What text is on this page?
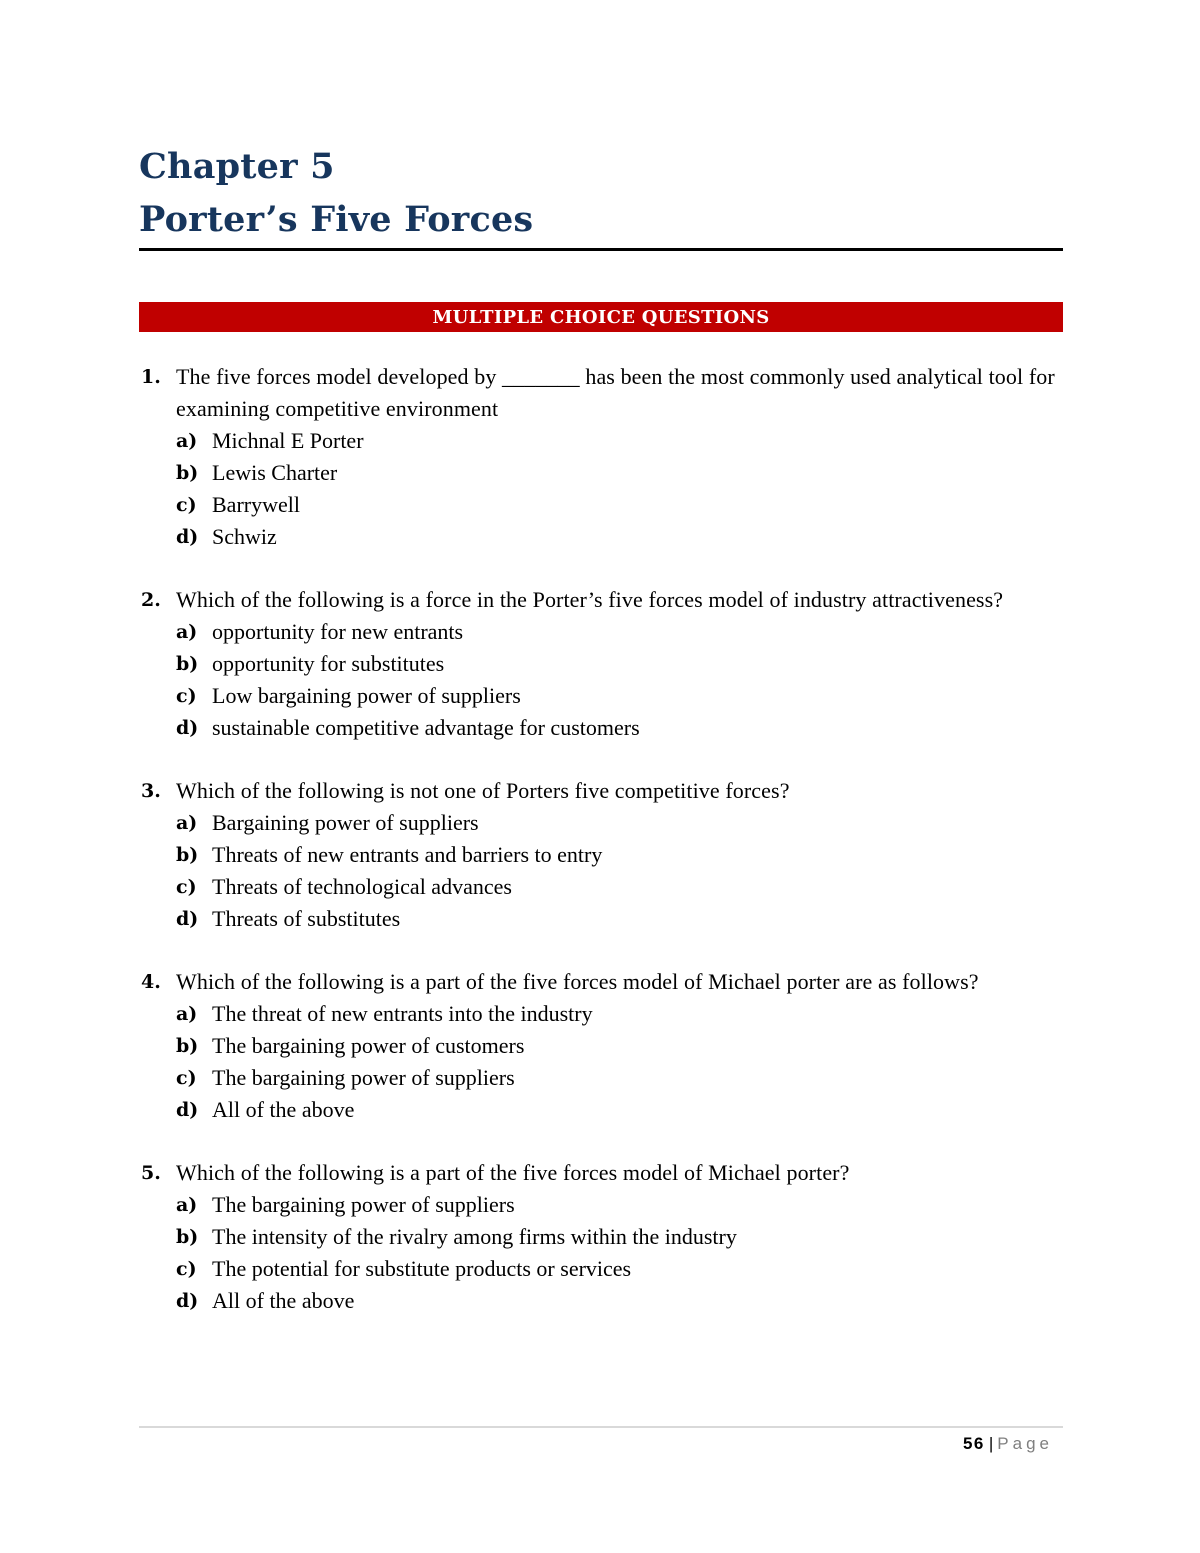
Chapter 5
Porter’s Five Forces
MULTIPLE CHOICE QUESTIONS
1. The five forces model developed by _______ has been the most commonly used analytical tool for examining competitive environment
a) Michnal E Porter
b) Lewis Charter
c) Barrywell
d) Schwiz
2. Which of the following is a force in the Porter’s five forces model of industry attractiveness?
a) opportunity for new entrants
b) opportunity for substitutes
c) Low bargaining power of suppliers
d) sustainable competitive advantage for customers
3. Which of the following is not one of Porters five competitive forces?
a) Bargaining power of suppliers
b) Threats of new entrants and barriers to entry
c) Threats of technological advances
d) Threats of substitutes
4. Which of the following is a part of the five forces model of Michael porter are as follows?
a) The threat of new entrants into the industry
b) The bargaining power of customers
c) The bargaining power of suppliers
d) All of the above
5. Which of the following is a part of the five forces model of Michael porter?
a) The bargaining power of suppliers
b) The intensity of the rivalry among firms within the industry
c) The potential for substitute products or services
d) All of the above
56 | Page
